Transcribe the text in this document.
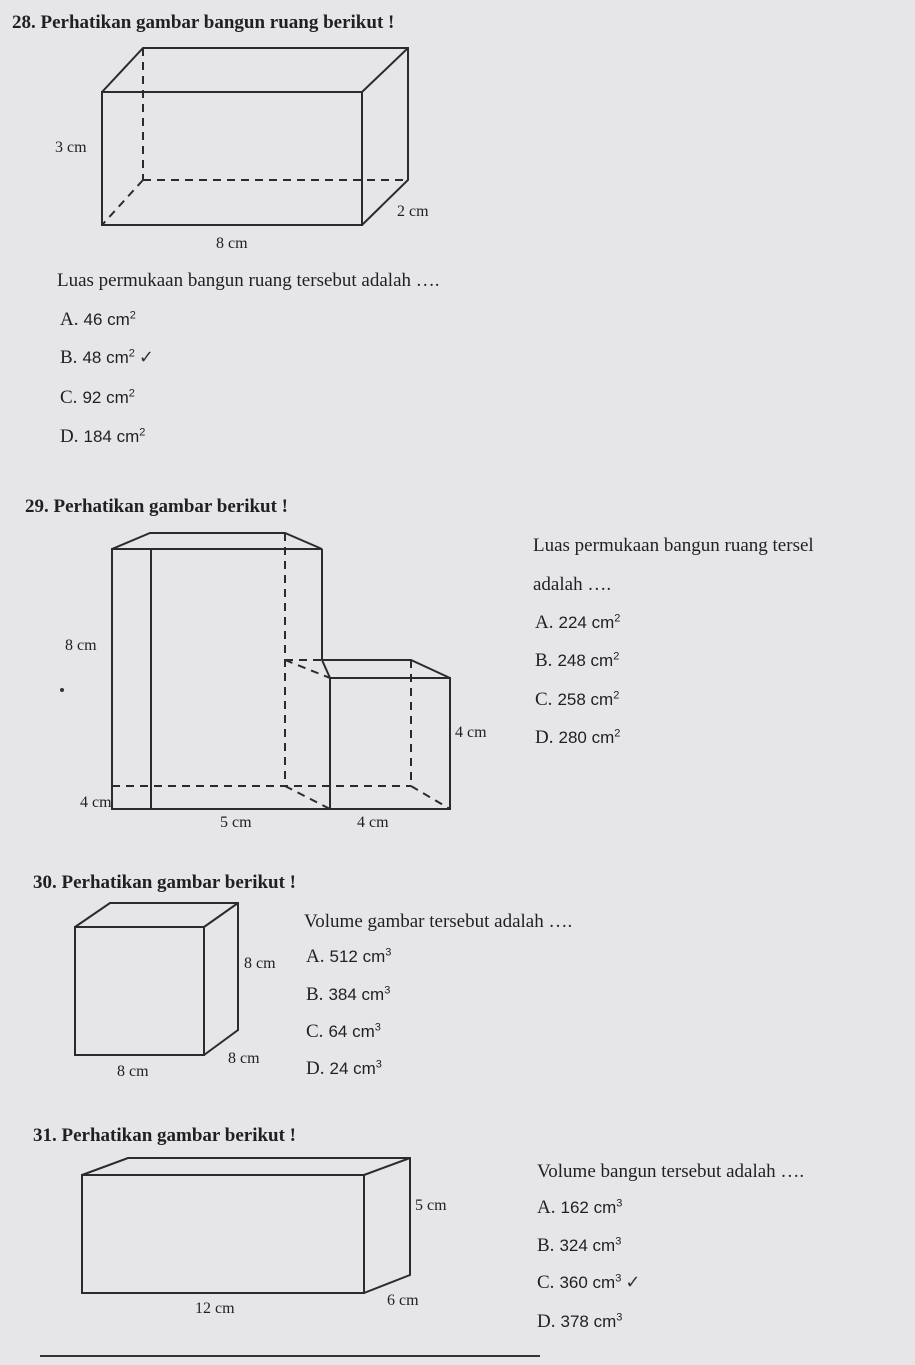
28. Perhatikan gambar bangun ruang berikut !
3 cm
2 cm
8 cm
Luas permukaan bangun ruang tersebut adalah ….
A. 46 $cm^2$
B. 48 $cm^2$ ✓
C. 92 $cm^2$
D. 184 $cm^2$
29. Perhatikan gambar berikut !
8 cm
4 cm
5 cm	4 cm
4 cm
Luas permukaan bangun ruang tersel
adalah ….
A. 224 $cm^2$
B. 248 $cm^2$
C. 258 $cm^2$
D. 280 $cm^2$
30. Perhatikan gambar berikut !
8 cm
8 cm
8 cm
Volume gambar tersebut adalah ….
A. 512 $cm^3$
B. 384 $cm^3$
C. 64 $cm^3$
D. 24 $cm^3$
31. Perhatikan gambar berikut !
5 cm
12 cm	6 cm
Volume bangun tersebut adalah ….
A. 162 $cm^3$
B. 324 $cm^3$
C. 360 $cm^3$ ✓
D. 378 $cm^3$
